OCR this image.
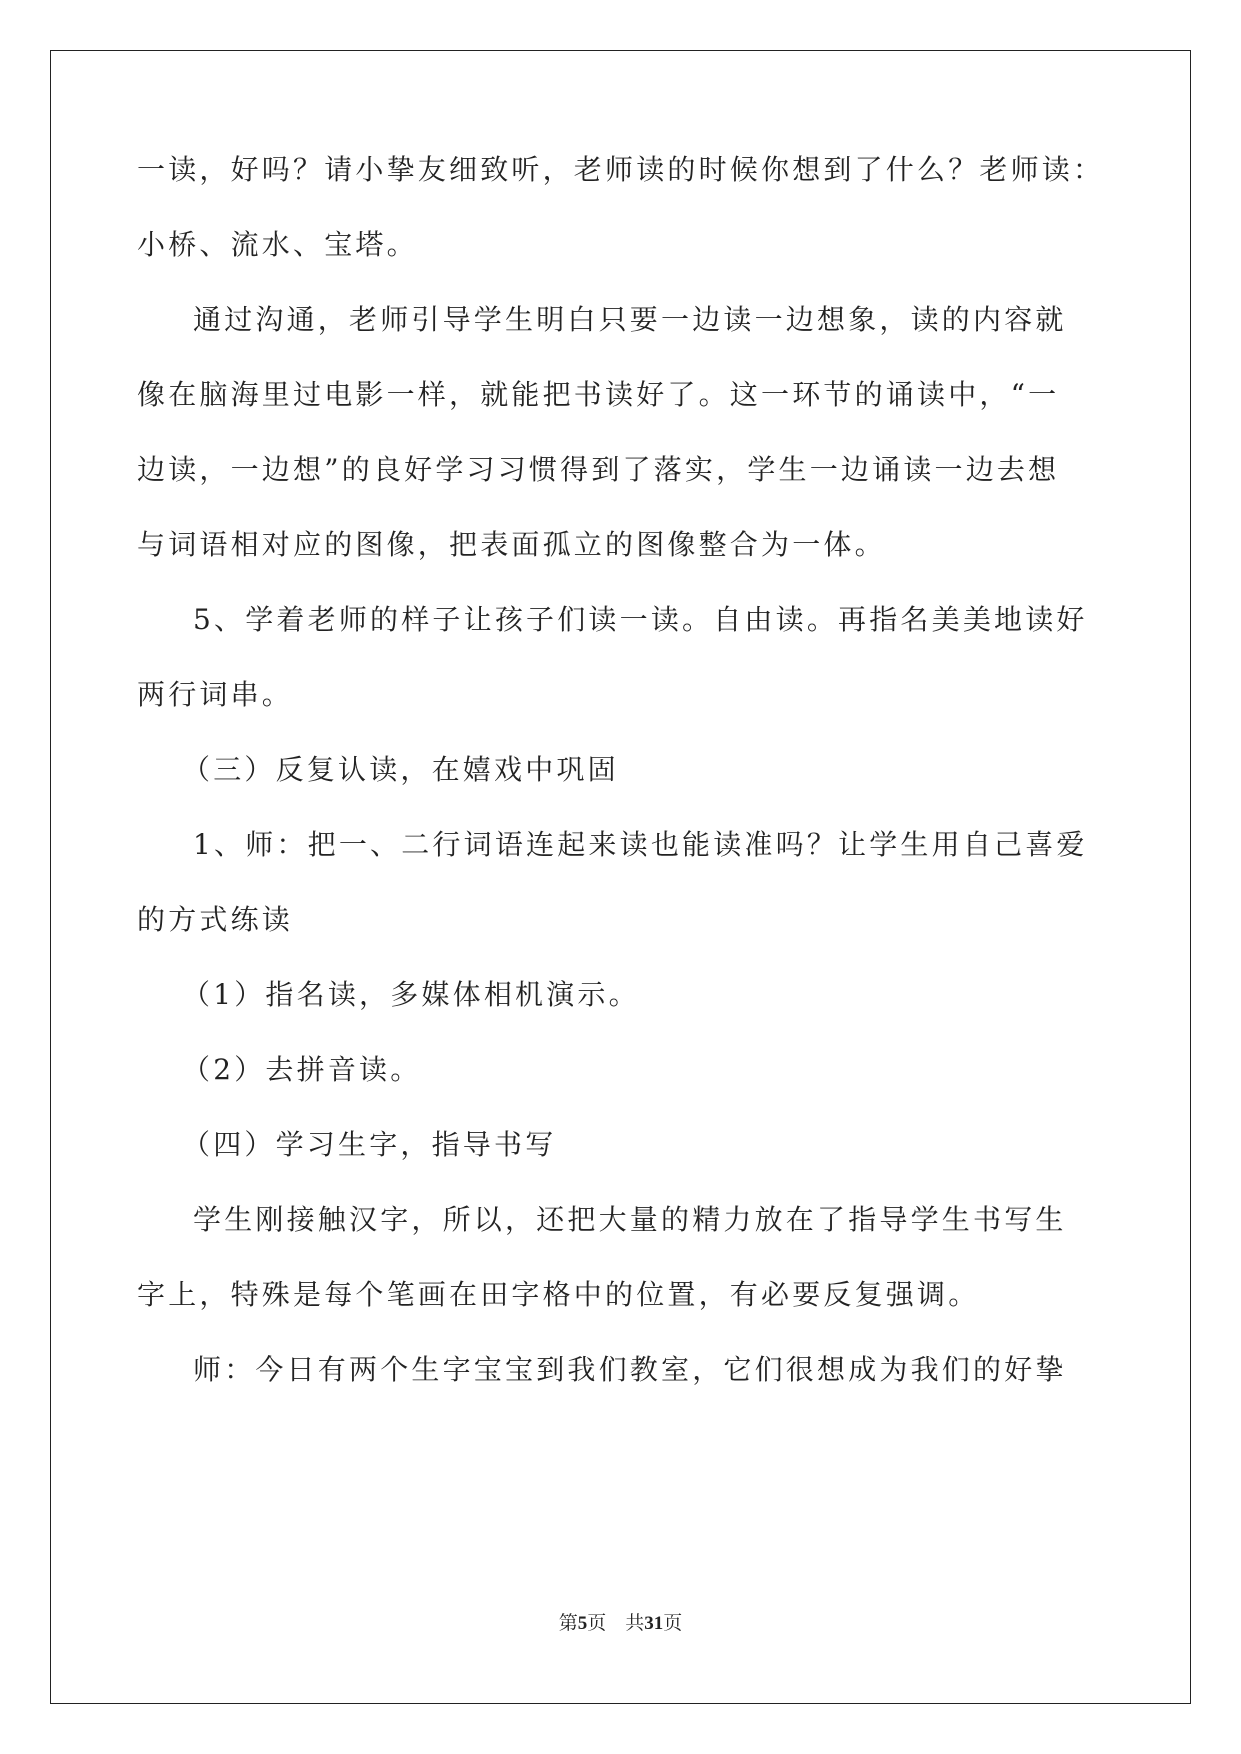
一读，好吗？请小挚友细致听，老师读的时候你想到了什么？老师读：
小桥、流水、宝塔。
通过沟通，老师引导学生明白只要一边读一边想象，读的内容就
像在脑海里过电影一样，就能把书读好了。这一环节的诵读中，“一
边读，一边想”的良好学习习惯得到了落实，学生一边诵读一边去想
与词语相对应的图像，把表面孤立的图像整合为一体。
5、学着老师的样子让孩子们读一读。自由读。再指名美美地读好
两行词串。
（三）反复认读，在嬉戏中巩固
1、师：把一、二行词语连起来读也能读准吗？让学生用自己喜爱
的方式练读
（1）指名读，多媒体相机演示。
（2）去拼音读。
（四）学习生字，指导书写
学生刚接触汉字，所以，还把大量的精力放在了指导学生书写生
字上，特殊是每个笔画在田字格中的位置，有必要反复强调。
师：今日有两个生字宝宝到我们教室，它们很想成为我们的好挚
第5页　共31页
